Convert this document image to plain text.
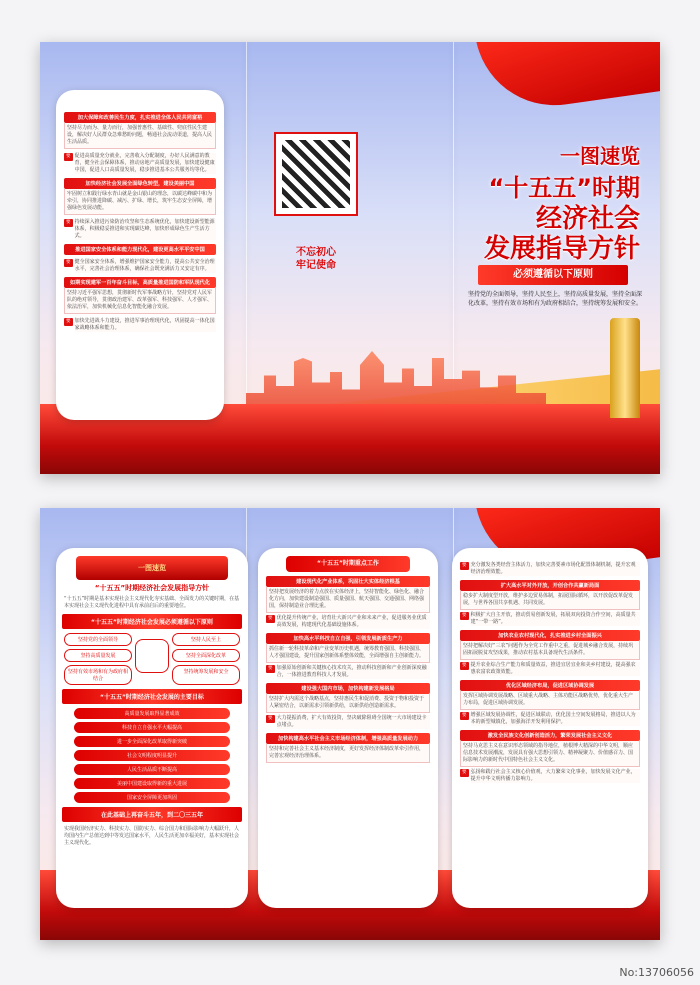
加大保障和改善民生力度，扎实推进全体人民共同富裕
坚持尽力而为、量力而行，加强普惠性、基础性、兜底性民生建设，解决好人民群众急难愁盼问题，畅通社会流动渠道，提高人民生活品质。
要 促进高质量充分就业，完善收入分配制度，办好人民满意的教育，健全社会保障体系，推动房地产高质量发展，加快建设健康中国，促进人口高质量发展，稳步推进基本公共服务均等化。
加快经济社会发展全面绿色转型，建设美丽中国
牢固树立和践行绿水青山就是金山银山的理念，以碳达峰碳中和为牵引，协同推进降碳、减污、扩绿、增长，筑牢生态安全屏障，增强绿色发展动能。
要 持续深入推进污染防治攻坚和生态系统优化，加快建设新型能源体系，积极稳妥推进和实现碳达峰，加快形成绿色生产生活方式。
推进国家安全体系和能力现代化，建设更高水平平安中国
要 健全国家安全体系，增强维护国家安全能力，提高公共安全治理水平，完善社会治理体系，确保社会既充满活力又安定有序。
如期实现建军一百年奋斗目标，高质量推进国防和军队现代化
坚持习近平强军思想，贯彻新时代军事战略方针，坚持党对人民军队的绝对领导，贯彻政治建军、改革强军、科技强军、人才强军、依法治军，加快机械化信息化智能化融合发展。
要 加快先进战斗力建设，推进军事治理现代化，巩固提高一体化国家战略体系和能力。
不忘初心
牢记使命
一图速览
“十五五”时期
经济社会
发展指导方针
必须遵循以下原则
坚持党的全面领导，坚持人民至上，坚持高质量发展，坚持全面深化改革，坚持有效市场和有为政府相结合，坚持统筹发展和安全。
一图速览
“十五五”时期经济社会发展指导方针
“十五五”时期是基本实现社会主义现代化夯实基础、全面发力的关键时期，在基本实现社会主义现代化进程中具有承前启后的重要地位。
“十五五”时期经济社会发展必须遵循以下原则
坚持党的全面领导	坚持人民至上
坚持高质量发展	坚持全面深化改革
坚持有效市场和有为政府相结合
坚持统筹发展和安全
“十五五”时期经济社会发展的主要目标
高质量发展取得显著成效
科技自立自强水平大幅提高
进一步全面深化改革取得新突破
社会文明程度明显提升
人民生活品质不断提高
美丽中国建设取得新的重大进展
国家安全屏障更加巩固
在此基础上再奋斗五年，到二〇三五年
实现我国经济实力、科技实力、国防实力、综合国力和国际影响力大幅跃升，人均国内生产总值达到中等发达国家水平，人民生活更加幸福美好，基本实现社会主义现代化。
“十五五”时期重点工作
建设现代化产业体系，巩固壮大实体经济根基
坚持把发展经济的着力点放在实体经济上，坚持智能化、绿色化、融合化方向，加快建设制造强国、质量强国、航天强国、交通强国、网络强国，保持制造业合理比重。
要 优化提升传统产业，培育壮大新兴产业和未来产业，促进服务业优质高效发展，构建现代化基础设施体系。
加快高水平科技自立自强，引领发展新质生产力
抓住新一轮科技革命和产业变革历史机遇，统筹教育强国、科技强国、人才强国建设，提升国家创新体系整体效能，全面增强自主创新能力。
要 加强原始创新和关键核心技术攻关，推动科技创新和产业创新深度融合，一体推进教育科技人才发展。
建设强大国内市场，加快构建新发展格局
坚持扩大内需这个战略基点，坚持惠民生和促消费、投资于物和投资于人紧密结合，以新需求引领新供给，以新供给创造新需求。
要 大力提振消费，扩大有效投资，坚决破除阻碍全国统一大市场建设卡点堵点。
加快构建高水平社会主义市场经济体制，增强高质量发展动力
坚持和完善社会主义基本经济制度，更好发挥经济体制改革牵引作用，完善宏观经济治理体系。
要 充分激发各类经营主体活力，加快完善要素市场化配置体制机制，提升宏观经济治理效能。
扩大高水平对外开放，开创合作共赢新局面
稳步扩大制度型开放，维护多边贸易体制，拓展国际循环，以开放促改革促发展，与世界各国共享机遇、共同发展。
要 积极扩大自主开放，推动贸易创新发展，拓展双向投资合作空间，高质量共建“一带一路”。
加快农业农村现代化，扎实推进乡村全面振兴
坚持把解决好“三农”问题作为全党工作重中之重，促进城乡融合发展，持续巩固拓展脱贫攻坚成果，推动农村基本具备现代生活条件。
要 提升农业综合生产能力和质量效益，推进宜居宜业和美乡村建设，提高强农惠农富农政策效能。
优化区域经济布局，促进区域协调发展
发挥区域协调发展战略、区域重大战略、主体功能区战略优势，优化重大生产力布局，促进区域协调发展。
要 增强区域发展协调性，促进区域联动，优化国土空间发展格局，推进以人为本的新型城镇化，加强海洋开发利用保护。
激发全民族文化创新创造活力，繁荣发展社会主义文化
坚持马克思主义在意识形态领域的指导地位，植根博大精深的中华文明，顺应信息技术发展潮流，发展具有强大思想引领力、精神凝聚力、价值感召力、国际影响力的新时代中国特色社会主义文化。
要 弘扬和践行社会主义核心价值观，大力繁荣文化事业，加快发展文化产业，提升中华文明传播力影响力。
No:13706056
